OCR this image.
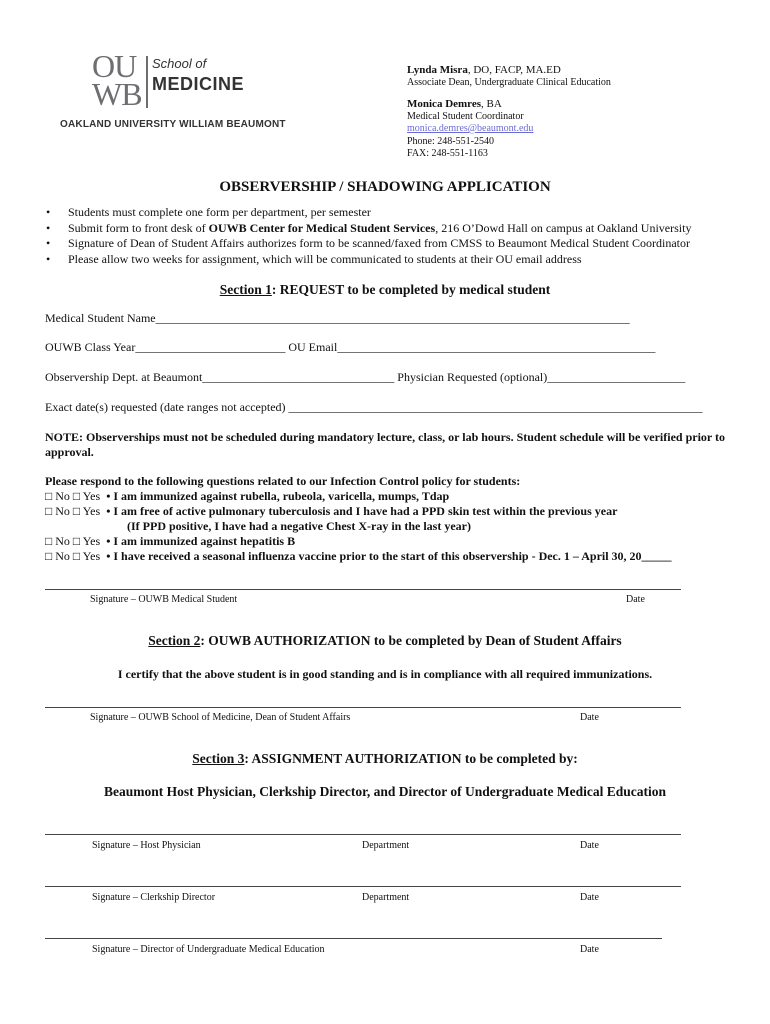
OU
WB
School of
MEDICINE
OAKLAND UNIVERSITY WILLIAM BEAUMONT
Lynda Misra, DO, FACP, MA.ED
Associate Dean, Undergraduate Clinical Education
Monica Demres, BA
Medical Student Coordinator
monica.demres@beaumont.edu
Phone: 248-551-2540
FAX: 248-551-1163
OBSERVERSHIP / SHADOWING APPLICATION
• Students must complete one form per department, per semester
• Submit form to front desk of OUWB Center for Medical Student Services, 216 O’Dowd Hall on campus at Oakland University
• Signature of Dean of Student Affairs authorizes form to be scanned/faxed from CMSS to Beaumont Medical Student Coordinator
• Please allow two weeks for assignment, which will be communicated to students at their OU email address
Section 1: REQUEST to be completed by medical student
Medical Student Name_______________________________________________________________________________
OUWB Class Year_________________________ OU Email_____________________________________________________
Observership Dept. at Beaumont________________________________ Physician Requested (optional)_______________________
Exact date(s) requested (date ranges not accepted) _____________________________________________________________________
NOTE: Observerships must not be scheduled during mandatory lecture, class, or lab hours. Student schedule will be verified prior to approval.
Please respond to the following questions related to our Infection Control policy for students:
□ No □ Yes • I am immunized against rubella, rubeola, varicella, mumps, Tdap
□ No □ Yes • I am free of active pulmonary tuberculosis and I have had a PPD skin test within the previous year
(If PPD positive, I have had a negative Chest X-ray in the last year)
□ No □ Yes • I am immunized against hepatitis B
□ No □ Yes • I have received a seasonal influenza vaccine prior to the start of this observership - Dec. 1 – April 30, 20_____
Signature – OUWB Medical Student	Date
Section 2: OUWB AUTHORIZATION to be completed by Dean of Student Affairs
I certify that the above student is in good standing and is in compliance with all required immunizations.
Signature – OUWB School of Medicine, Dean of Student Affairs	Date
Section 3: ASSIGNMENT AUTHORIZATION to be completed by:
Beaumont Host Physician, Clerkship Director, and Director of Undergraduate Medical Education
Signature – Host Physician	Department	Date
Signature – Clerkship Director	Department	Date
Signature – Director of Undergraduate Medical Education	Date
